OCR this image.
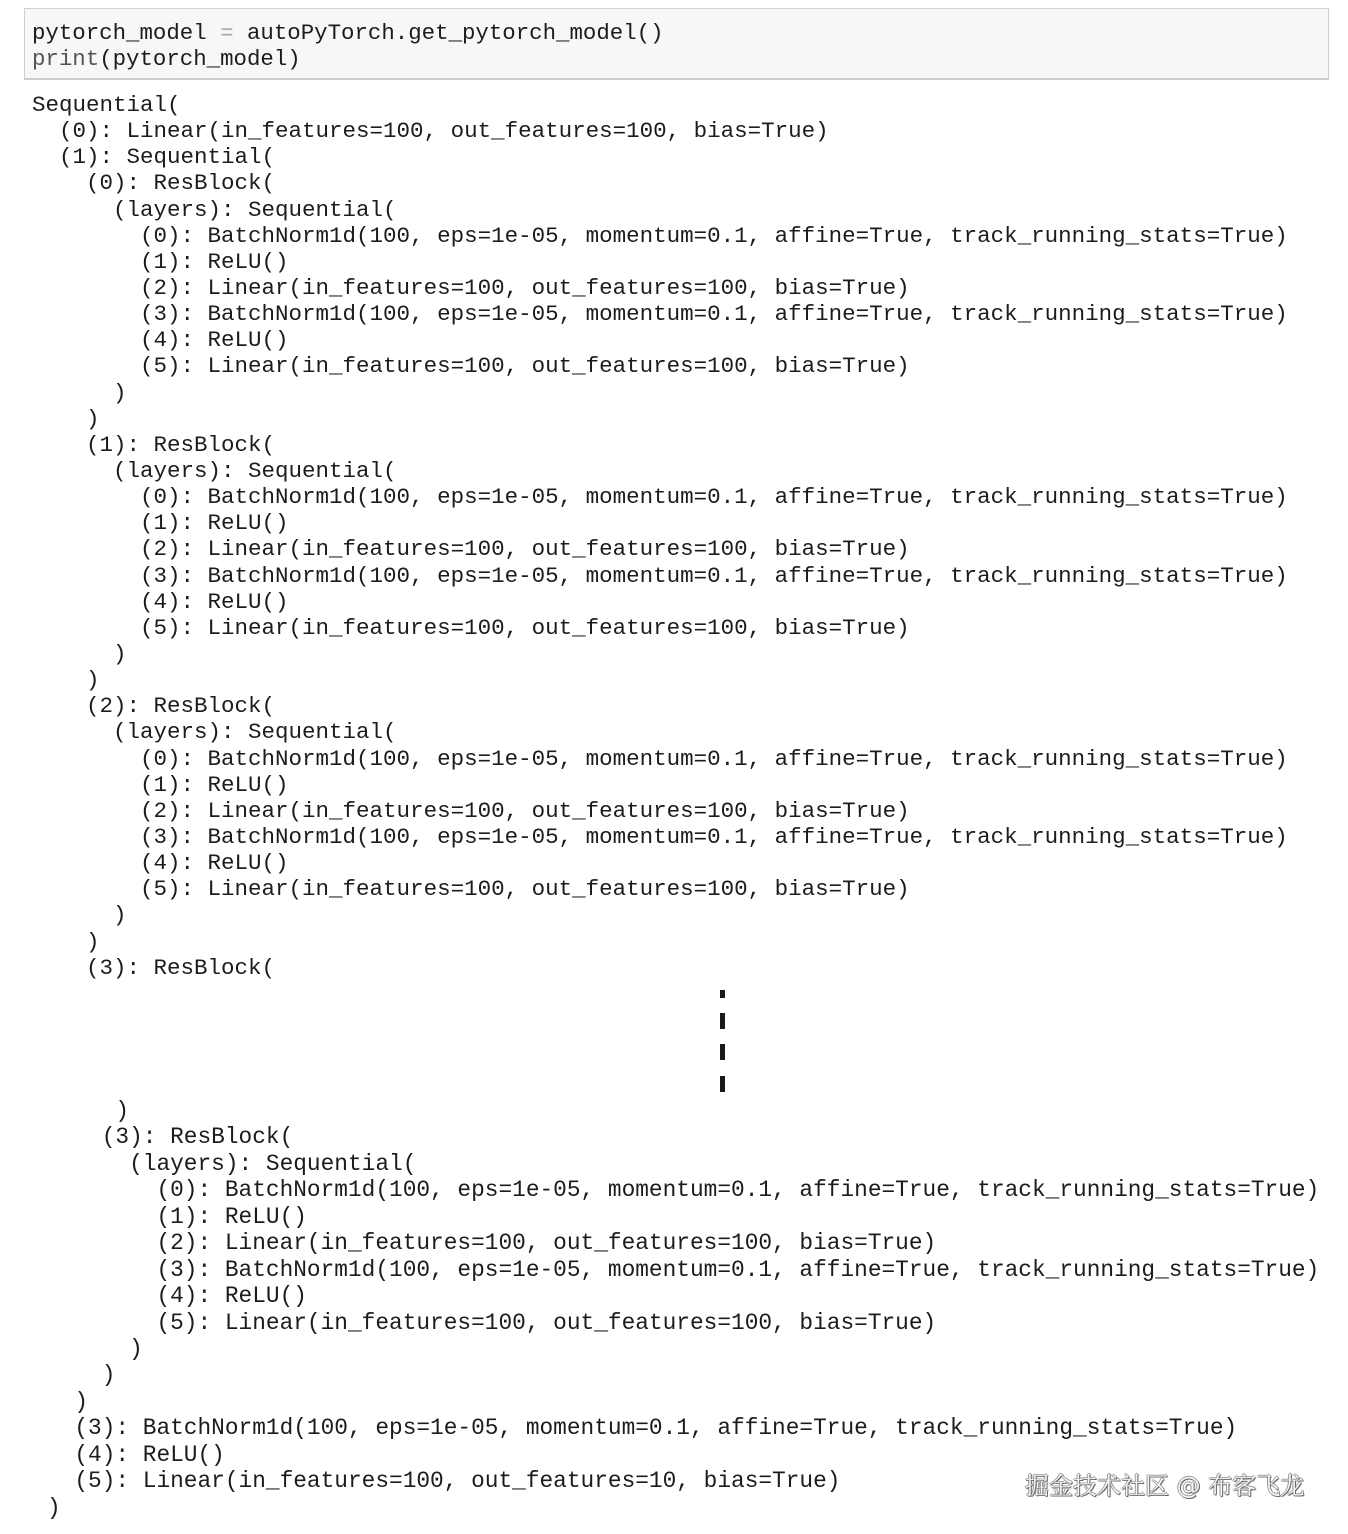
pytorch_model = autoPyTorch.get_pytorch_model()
print(pytorch_model)
Sequential(
(0): Linear(in_features=100, out_features=100, bias=True)
(1): Sequential(
(0): ResBlock(
(layers): Sequential(
(0): BatchNorm1d(100, eps=1e-05, momentum=0.1, affine=True, track_running_stats=True)
(1): ReLU()
(2): Linear(in_features=100, out_features=100, bias=True)
(3): BatchNorm1d(100, eps=1e-05, momentum=0.1, affine=True, track_running_stats=True)
(4): ReLU()
(5): Linear(in_features=100, out_features=100, bias=True)
)
)
(1): ResBlock(
(layers): Sequential(
(0): BatchNorm1d(100, eps=1e-05, momentum=0.1, affine=True, track_running_stats=True)
(1): ReLU()
(2): Linear(in_features=100, out_features=100, bias=True)
(3): BatchNorm1d(100, eps=1e-05, momentum=0.1, affine=True, track_running_stats=True)
(4): ReLU()
(5): Linear(in_features=100, out_features=100, bias=True)
)
)
(2): ResBlock(
(layers): Sequential(
(0): BatchNorm1d(100, eps=1e-05, momentum=0.1, affine=True, track_running_stats=True)
(1): ReLU()
(2): Linear(in_features=100, out_features=100, bias=True)
(3): BatchNorm1d(100, eps=1e-05, momentum=0.1, affine=True, track_running_stats=True)
(4): ReLU()
(5): Linear(in_features=100, out_features=100, bias=True)
)
)
(3): ResBlock(
)
(3): ResBlock(
(layers): Sequential(
(0): BatchNorm1d(100, eps=1e-05, momentum=0.1, affine=True, track_running_stats=True)
(1): ReLU()
(2): Linear(in_features=100, out_features=100, bias=True)
(3): BatchNorm1d(100, eps=1e-05, momentum=0.1, affine=True, track_running_stats=True)
(4): ReLU()
(5): Linear(in_features=100, out_features=100, bias=True)
)
)
)
(3): BatchNorm1d(100, eps=1e-05, momentum=0.1, affine=True, track_running_stats=True)
(4): ReLU()
(5): Linear(in_features=100, out_features=10, bias=True)
)
掘金技术社区 @ 布客飞龙
